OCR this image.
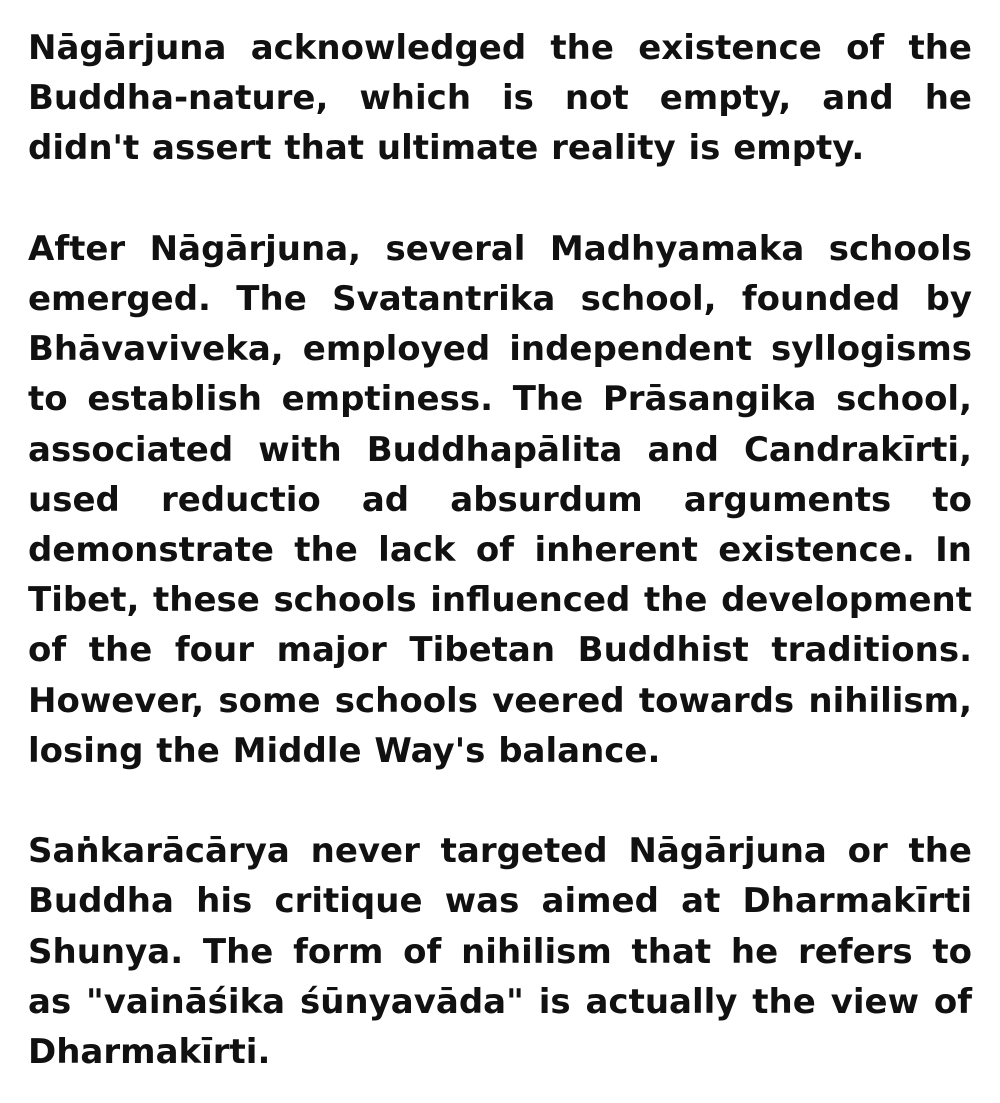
Nāgārjuna acknowledged the existence of the Buddha-nature, which is not empty, and he didn't assert that ultimate reality is empty.

After Nāgārjuna, several Madhyamaka schools emerged. The Svatantrika school, founded by Bhāvaviveka, employed independent syllogisms to establish emptiness. The Prāsangika school, associated with Buddhapālita and Candrakīrti, used reductio ad absurdum arguments to demonstrate the lack of inherent existence. In Tibet, these schools influenced the development of the four major Tibetan Buddhist traditions. However, some schools veered towards nihilism, losing the Middle Way's balance.

Saṅkarācārya never targeted Nāgārjuna or the Buddha his critique was aimed at Dharmakīrti Shunya. The form of nihilism that he refers to as "vaināśika śūnyavāda" is actually the view of Dharmakīrti.
